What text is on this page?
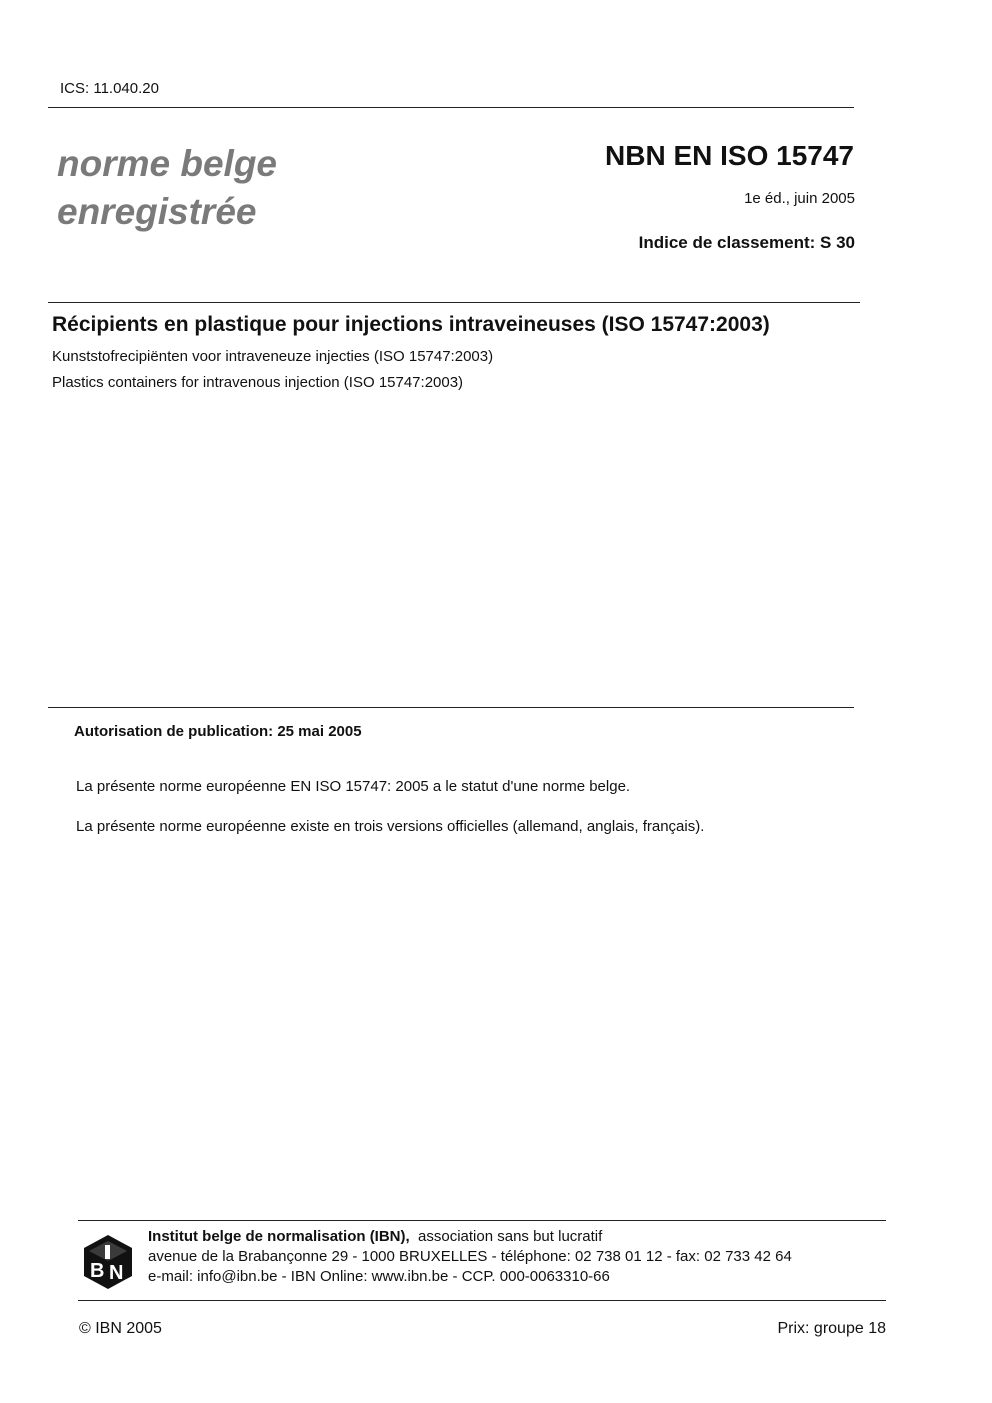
ICS: 11.040.20
norme belge
enregistrée
NBN EN ISO 15747
1e éd., juin 2005
Indice de classement: S 30
Récipients en plastique pour injections intraveineuses (ISO 15747:2003)
Kunststofrecipiënten voor intraveneuze injecties (ISO 15747:2003)
Plastics containers for intravenous injection (ISO 15747:2003)
Autorisation de publication: 25 mai 2005
La présente norme européenne EN ISO 15747: 2005 a le statut d'une norme belge.
La présente norme européenne existe en trois versions officielles (allemand, anglais, français).
B N
Institut belge de normalisation (IBN), association sans but lucratif
avenue de la Brabançonne 29 - 1000 BRUXELLES - téléphone: 02 738 01 12 - fax: 02 733 42 64
e-mail: info@ibn.be - IBN Online: www.ibn.be - CCP. 000-0063310-66
© IBN 2005	Prix: groupe 18
